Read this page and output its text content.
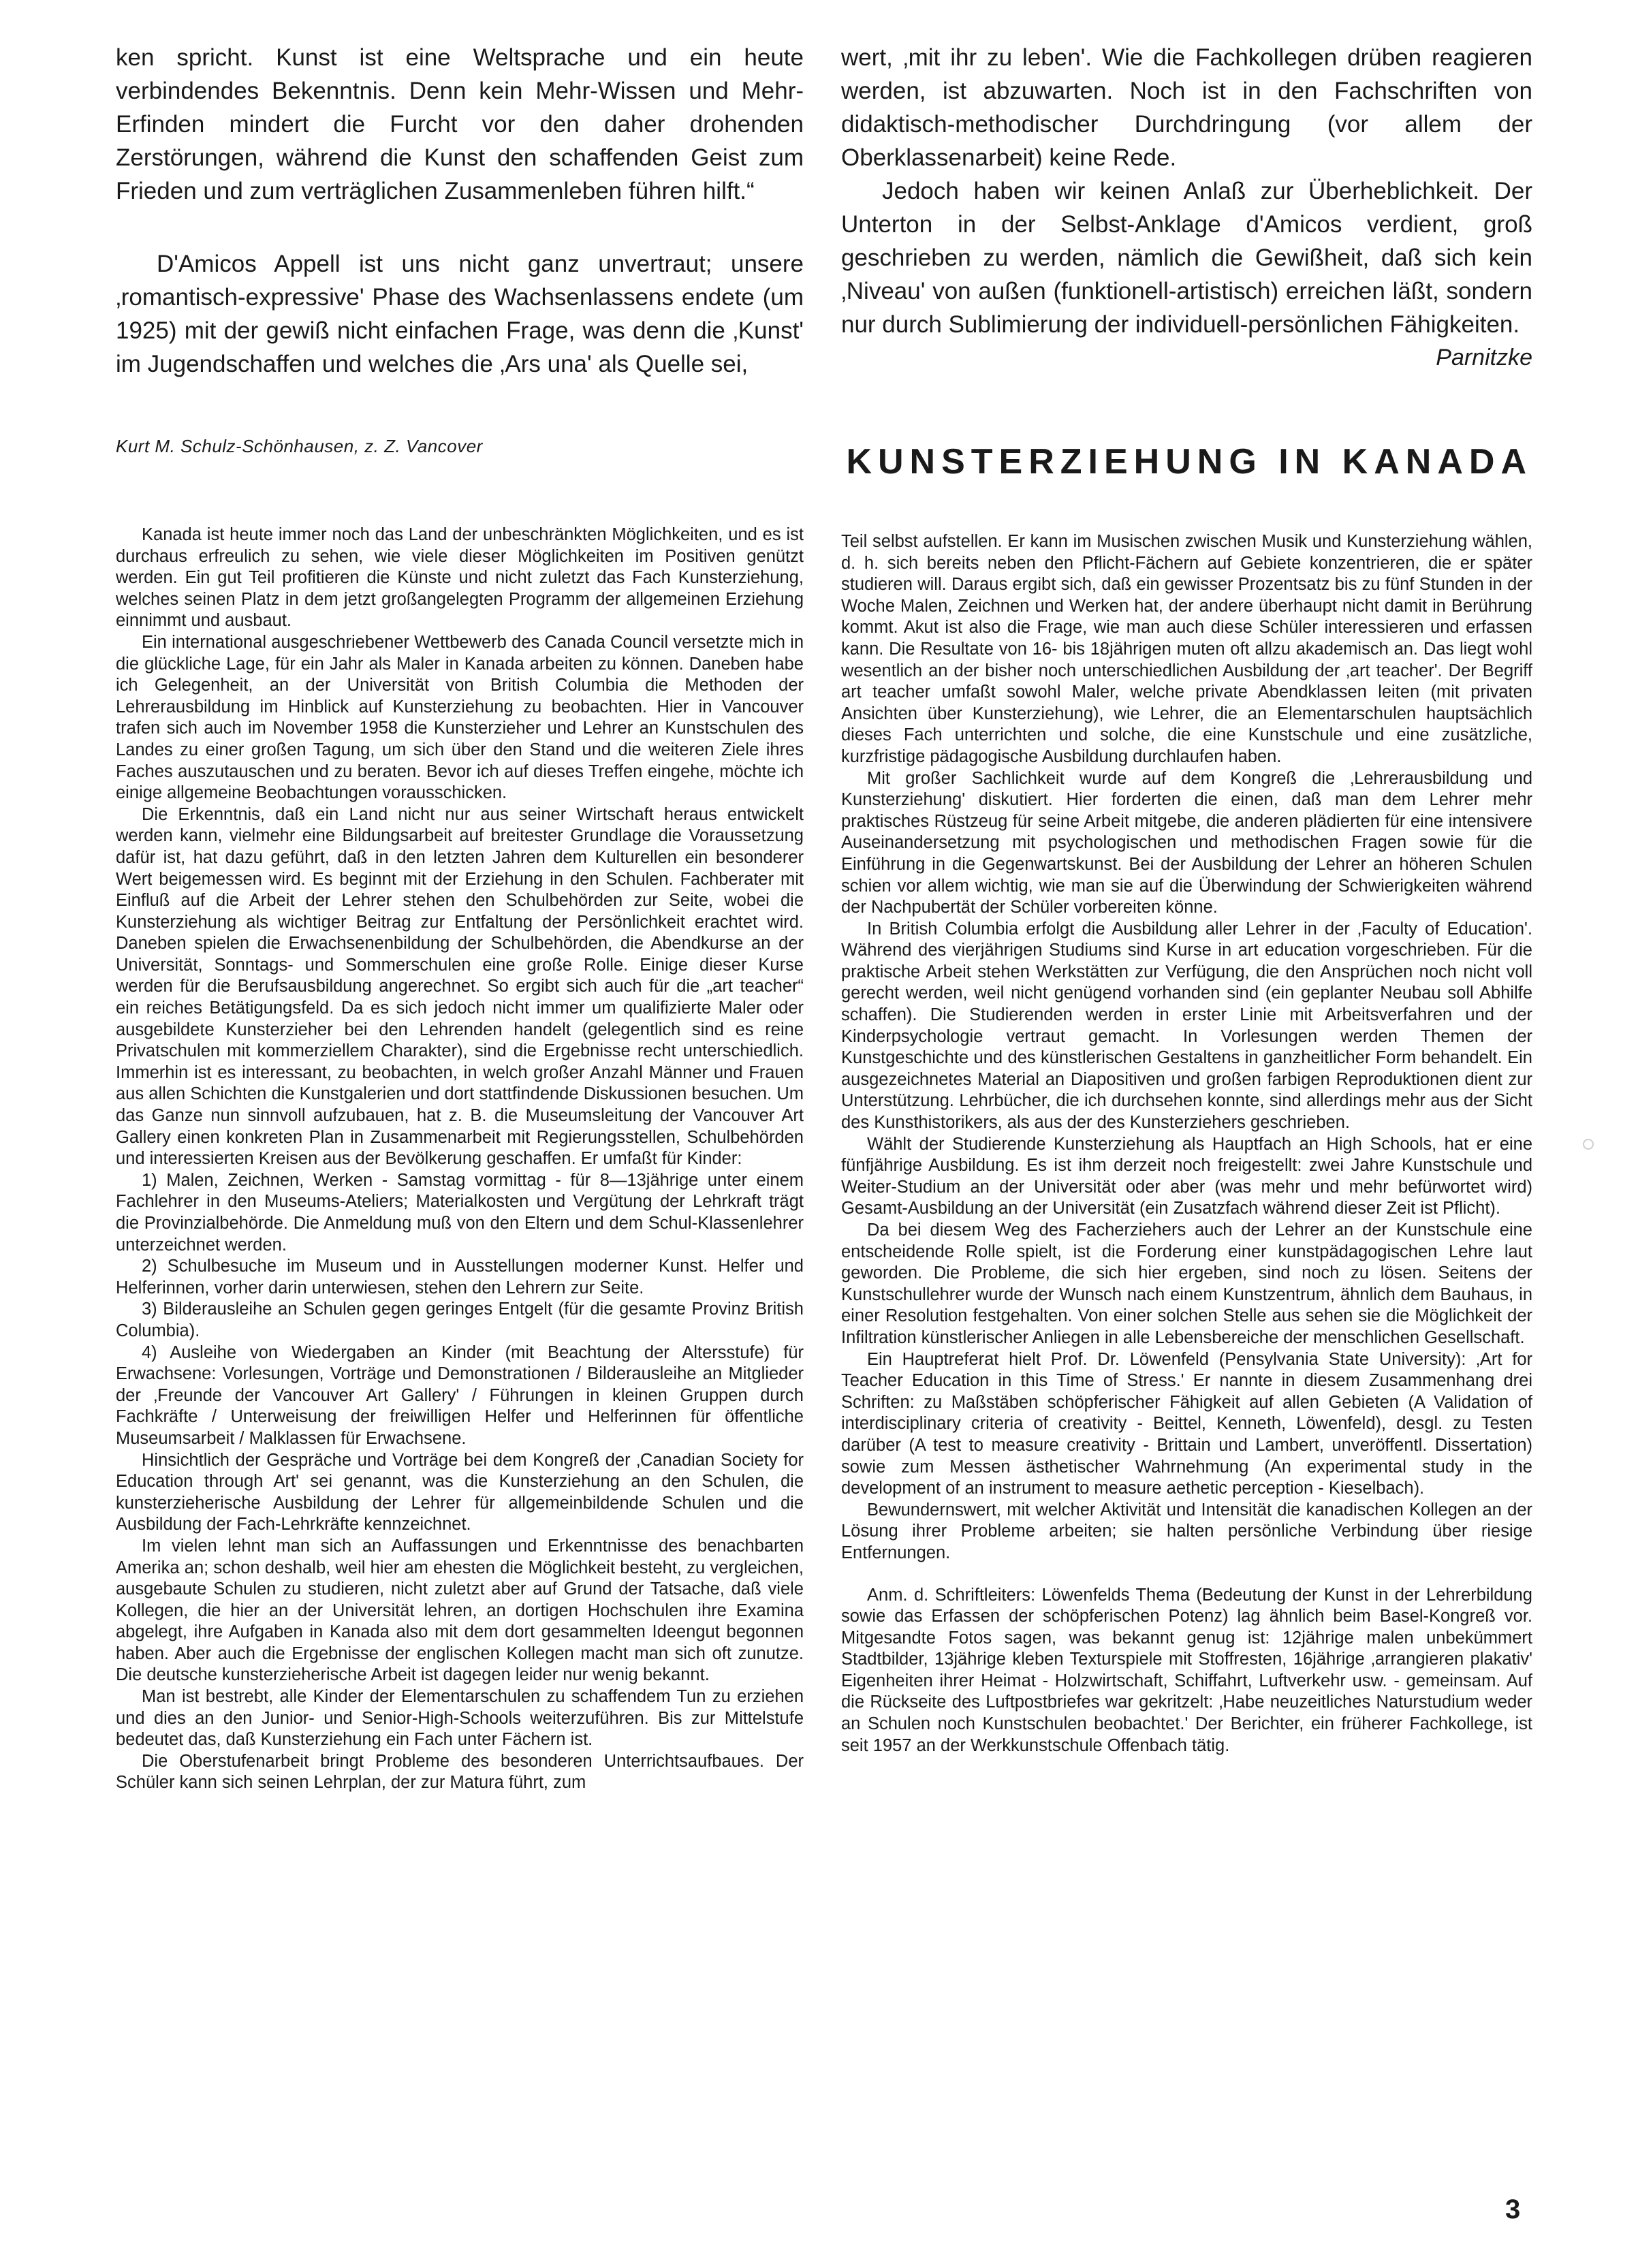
ken spricht. Kunst ist eine Weltsprache und ein heute verbindendes Bekenntnis. Denn kein Mehr-Wissen und Mehr-Erfinden mindert die Furcht vor den daher drohenden Zerstörungen, während die Kunst den schaffenden Geist zum Frieden und zum verträglichen Zusammenleben führen hilft.“

D'Amicos Appell ist uns nicht ganz unvertraut; unsere ‚romantisch-expressive' Phase des Wachsenlassens endete (um 1925) mit der gewiß nicht einfachen Frage, was denn die ‚Kunst' im Jugendschaffen und welches die ‚Ars una' als Quelle sei,

wert, ‚mit ihr zu leben'. Wie die Fachkollegen drüben reagieren werden, ist abzuwarten. Noch ist in den Fachschriften von didaktisch-methodischer Durchdringung (vor allem der Oberklassenarbeit) keine Rede.

Jedoch haben wir keinen Anlaß zur Überheblichkeit. Der Unterton in der Selbst-Anklage d'Amicos verdient, groß geschrieben zu werden, nämlich die Gewißheit, daß sich kein ‚Niveau' von außen (funktionell-artistisch) erreichen läßt, sondern nur durch Sublimierung der individuell-persönlichen Fähigkeiten.

Parnitzke
Kurt M. Schulz-Schönhausen, z. Z. Vancover	KUNSTERZIEHUNG IN KANADA

Kanada ist heute immer noch das Land der unbeschränkten Möglichkeiten, und es ist durchaus erfreulich zu sehen, wie viele dieser Möglichkeiten im Positiven genützt werden. Ein gut Teil profitieren die Künste und nicht zuletzt das Fach Kunsterziehung, welches seinen Platz in dem jetzt großangelegten Programm der allgemeinen Erziehung einnimmt und ausbaut.

Ein international ausgeschriebener Wettbewerb des Canada Council versetzte mich in die glückliche Lage, für ein Jahr als Maler in Kanada arbeiten zu können. Daneben habe ich Gelegenheit, an der Universität von British Columbia die Methoden der Lehrerausbildung im Hinblick auf Kunsterziehung zu beobachten. Hier in Vancouver trafen sich auch im November 1958 die Kunsterzieher und Lehrer an Kunstschulen des Landes zu einer großen Tagung, um sich über den Stand und die weiteren Ziele ihres Faches auszutauschen und zu beraten. Bevor ich auf dieses Treffen eingehe, möchte ich einige allgemeine Beobachtungen vorausschicken.

Die Erkenntnis, daß ein Land nicht nur aus seiner Wirtschaft heraus entwickelt werden kann, vielmehr eine Bildungsarbeit auf breitester Grundlage die Voraussetzung dafür ist, hat dazu geführt, daß in den letzten Jahren dem Kulturellen ein besonderer Wert beigemessen wird. Es beginnt mit der Erziehung in den Schulen. Fachberater mit Einfluß auf die Arbeit der Lehrer stehen den Schulbehörden zur Seite, wobei die Kunsterziehung als wichtiger Beitrag zur Entfaltung der Persönlichkeit erachtet wird. Daneben spielen die Erwachsenenbildung der Schulbehörden, die Abendkurse an der Universität, Sonntags- und Sommerschulen eine große Rolle. Einige dieser Kurse werden für die Berufsausbildung angerechnet. So ergibt sich auch für die „art teacher“ ein reiches Betätigungsfeld. Da es sich jedoch nicht immer um qualifizierte Maler oder ausgebildete Kunsterzieher bei den Lehrenden handelt (gelegentlich sind es reine Privatschulen mit kommerziellem Charakter), sind die Ergebnisse recht unterschiedlich. Immerhin ist es interessant, zu beobachten, in welch großer Anzahl Männer und Frauen aus allen Schichten die Kunstgalerien und dort stattfindende Diskussionen besuchen. Um das Ganze nun sinnvoll aufzubauen, hat z. B. die Museumsleitung der Vancouver Art Gallery einen konkreten Plan in Zusammenarbeit mit Regierungsstellen, Schulbehörden und interessierten Kreisen aus der Bevölkerung geschaffen. Er umfaßt für Kinder:

1) Malen, Zeichnen, Werken - Samstag vormittag - für 8—13jährige unter einem Fachlehrer in den Museums-Ateliers; Materialkosten und Vergütung der Lehrkraft trägt die Provinzialbehörde. Die Anmeldung muß von den Eltern und dem Schul-Klassenlehrer unterzeichnet werden.

2) Schulbesuche im Museum und in Ausstellungen moderner Kunst. Helfer und Helferinnen, vorher darin unterwiesen, stehen den Lehrern zur Seite.

3) Bilderausleihe an Schulen gegen geringes Entgelt (für die gesamte Provinz British Columbia).

4) Ausleihe von Wiedergaben an Kinder (mit Beachtung der Altersstufe) für Erwachsene: Vorlesungen, Vorträge und Demonstrationen / Bilderausleihe an Mitglieder der ‚Freunde der Vancouver Art Gallery' / Führungen in kleinen Gruppen durch Fachkräfte / Unterweisung der freiwilligen Helfer und Helferinnen für öffentliche Museumsarbeit / Malklassen für Erwachsene.

Hinsichtlich der Gespräche und Vorträge bei dem Kongreß der ‚Canadian Society for Education through Art' sei genannt, was die Kunsterziehung an den Schulen, die kunsterzieherische Ausbildung der Lehrer für allgemeinbildende Schulen und die Ausbildung der Fach-Lehrkräfte kennzeichnet.

Im vielen lehnt man sich an Auffassungen und Erkenntnisse des benachbarten Amerika an; schon deshalb, weil hier am ehesten die Möglichkeit besteht, zu vergleichen, ausgebaute Schulen zu studieren, nicht zuletzt aber auf Grund der Tatsache, daß viele Kollegen, die hier an der Universität lehren, an dortigen Hochschulen ihre Examina abgelegt, ihre Aufgaben in Kanada also mit dem dort gesammelten Ideengut begonnen haben. Aber auch die Ergebnisse der englischen Kollegen macht man sich oft zunutze. Die deutsche kunsterzieherische Arbeit ist dagegen leider nur wenig bekannt.

Man ist bestrebt, alle Kinder der Elementarschulen zu schaffendem Tun zu erziehen und dies an den Junior- und Senior-High-Schools weiterzuführen. Bis zur Mittelstufe bedeutet das, daß Kunsterziehung ein Fach unter Fächern ist.

Die Oberstufenarbeit bringt Probleme des besonderen Unterrichtsaufbaues. Der Schüler kann sich seinen Lehrplan, der zur Matura führt, zum

Teil selbst aufstellen. Er kann im Musischen zwischen Musik und Kunsterziehung wählen, d. h. sich bereits neben den Pflicht-Fächern auf Gebiete konzentrieren, die er später studieren will. Daraus ergibt sich, daß ein gewisser Prozentsatz bis zu fünf Stunden in der Woche Malen, Zeichnen und Werken hat, der andere überhaupt nicht damit in Berührung kommt. Akut ist also die Frage, wie man auch diese Schüler interessieren und erfassen kann. Die Resultate von 16- bis 18jährigen muten oft allzu akademisch an. Das liegt wohl wesentlich an der bisher noch unterschiedlichen Ausbildung der ‚art teacher'. Der Begriff art teacher umfaßt sowohl Maler, welche private Abendklassen leiten (mit privaten Ansichten über Kunsterziehung), wie Lehrer, die an Elementarschulen hauptsächlich dieses Fach unterrichten und solche, die eine Kunstschule und eine zusätzliche, kurzfristige pädagogische Ausbildung durchlaufen haben.

Mit großer Sachlichkeit wurde auf dem Kongreß die ‚Lehrerausbildung und Kunsterziehung' diskutiert. Hier forderten die einen, daß man dem Lehrer mehr praktisches Rüstzeug für seine Arbeit mitgebe, die anderen plädierten für eine intensivere Auseinandersetzung mit psychologischen und methodischen Fragen sowie für die Einführung in die Gegenwartskunst. Bei der Ausbildung der Lehrer an höheren Schulen schien vor allem wichtig, wie man sie auf die Überwindung der Schwierigkeiten während der Nachpubertät der Schüler vorbereiten könne.

In British Columbia erfolgt die Ausbildung aller Lehrer in der ‚Faculty of Education'. Während des vierjährigen Studiums sind Kurse in art education vorgeschrieben. Für die praktische Arbeit stehen Werkstätten zur Verfügung, die den Ansprüchen noch nicht voll gerecht werden, weil nicht genügend vorhanden sind (ein geplanter Neubau soll Abhilfe schaffen). Die Studierenden werden in erster Linie mit Arbeitsverfahren und der Kinderpsychologie vertraut gemacht. In Vorlesungen werden Themen der Kunstgeschichte und des künstlerischen Gestaltens in ganzheitlicher Form behandelt. Ein ausgezeichnetes Material an Diapositiven und großen farbigen Reproduktionen dient zur Unterstützung. Lehrbücher, die ich durchsehen konnte, sind allerdings mehr aus der Sicht des Kunsthistorikers, als aus der des Kunsterziehers geschrieben.

Wählt der Studierende Kunsterziehung als Hauptfach an High Schools, hat er eine fünfjährige Ausbildung. Es ist ihm derzeit noch freigestellt: zwei Jahre Kunstschule und Weiter-Studium an der Universität oder aber (was mehr und mehr befürwortet wird) Gesamt-Ausbildung an der Universität (ein Zusatzfach während dieser Zeit ist Pflicht).

Da bei diesem Weg des Facherziehers auch der Lehrer an der Kunstschule eine entscheidende Rolle spielt, ist die Forderung einer kunstpädagogischen Lehre laut geworden. Die Probleme, die sich hier ergeben, sind noch zu lösen. Seitens der Kunstschullehrer wurde der Wunsch nach einem Kunstzentrum, ähnlich dem Bauhaus, in einer Resolution festgehalten. Von einer solchen Stelle aus sehen sie die Möglichkeit der Infiltration künstlerischer Anliegen in alle Lebensbereiche der menschlichen Gesellschaft.

Ein Hauptreferat hielt Prof. Dr. Löwenfeld (Pensylvania State University): ‚Art for Teacher Education in this Time of Stress.' Er nannte in diesem Zusammenhang drei Schriften: zu Maßstäben schöpferischer Fähigkeit auf allen Gebieten (A Validation of interdisciplinary criteria of creativity - Beittel, Kenneth, Löwenfeld), desgl. zu Testen darüber (A test to measure creativity - Brittain und Lambert, unveröffentl. Dissertation) sowie zum Messen ästhetischer Wahrnehmung (An experimental study in the development of an instrument to measure aethetic perception - Kieselbach).

Bewundernswert, mit welcher Aktivität und Intensität die kanadischen Kollegen an der Lösung ihrer Probleme arbeiten; sie halten persönliche Verbindung über riesige Entfernungen.

Anm. d. Schriftleiters: Löwenfelds Thema (Bedeutung der Kunst in der Lehrerbildung sowie das Erfassen der schöpferischen Potenz) lag ähnlich beim Basel-Kongreß vor. Mitgesandte Fotos sagen, was bekannt genug ist: 12jährige malen unbekümmert Stadtbilder, 13jährige kleben Texturspiele mit Stoffresten, 16jährige ‚arrangieren plakativ' Eigenheiten ihrer Heimat - Holzwirtschaft, Schiffahrt, Luftverkehr usw. - gemeinsam. Auf die Rückseite des Luftpostbriefes war gekritzelt: ‚Habe neuzeitliches Naturstudium weder an Schulen noch Kunstschulen beobachtet.' Der Berichter, ein früherer Fachkollege, ist seit 1957 an der Werkkunstschule Offenbach tätig.

3
